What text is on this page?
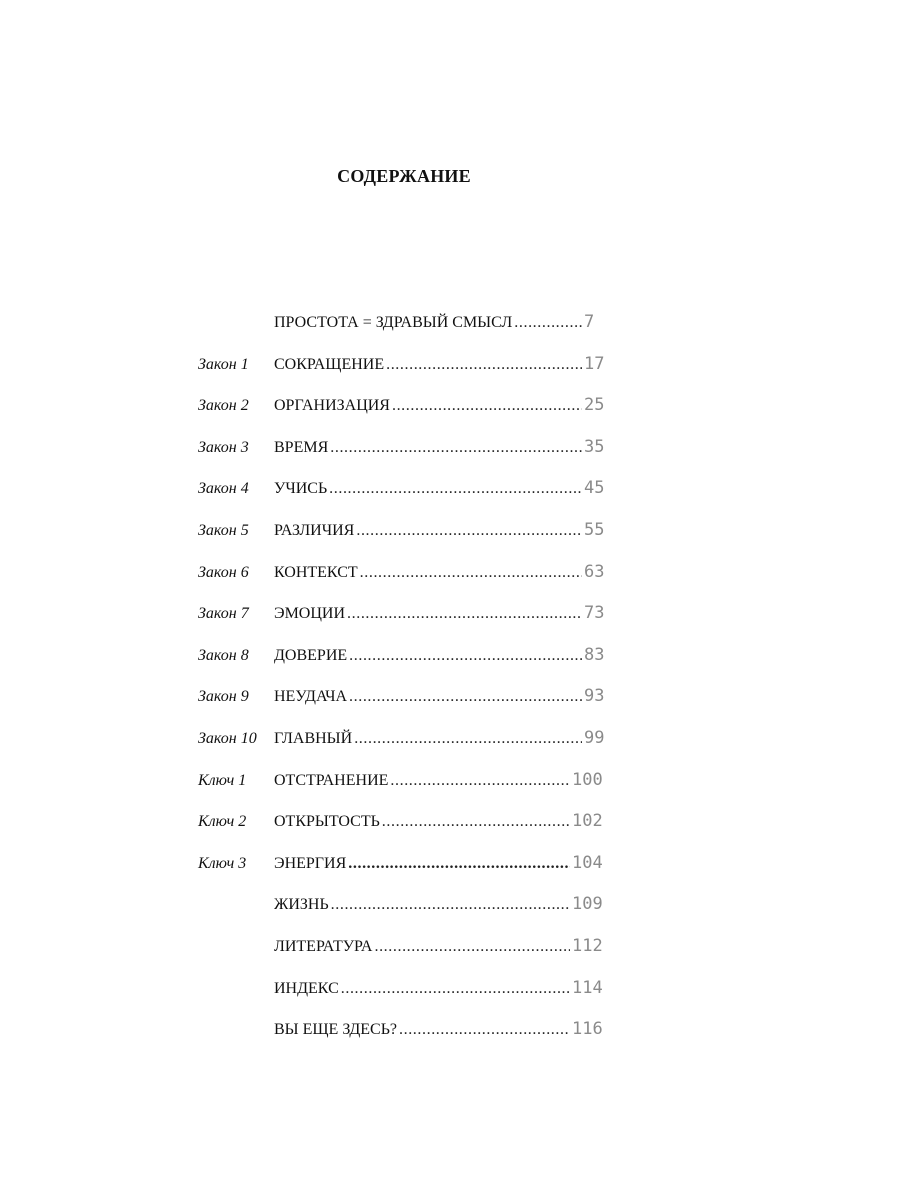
СОДЕРЖАНИЕ
ПРОСТОТА = ЗДРАВЫЙ СМЫСЛ .....	7
Закон 1	СОКРАЩЕНИЕ .....	17
Закон 2	ОРГАНИЗАЦИЯ .....	25
Закон 3	ВРЕМЯ .....	35
Закон 4	УЧИСЬ .....	45
Закон 5	РАЗЛИЧИЯ .....	55
Закон 6	КОНТЕКСТ .....	63
Закон 7	ЭМОЦИИ .....	73
Закон 8	ДОВЕРИЕ .....	83
Закон 9	НЕУДАЧА .....	93
Закон 10	ГЛАВНЫЙ .....	99
Ключ 1	ОТСТРАНЕНИЕ .....	100
Ключ 2	ОТКРЫТОСТЬ .....	102
Ключ 3	ЭНЕРГИЯ .....	104
ЖИЗНЬ .....	109
ЛИТЕРАТУРА .....	112
ИНДЕКС .....	114
ВЫ ЕЩЕ ЗДЕСЬ? .....	116
